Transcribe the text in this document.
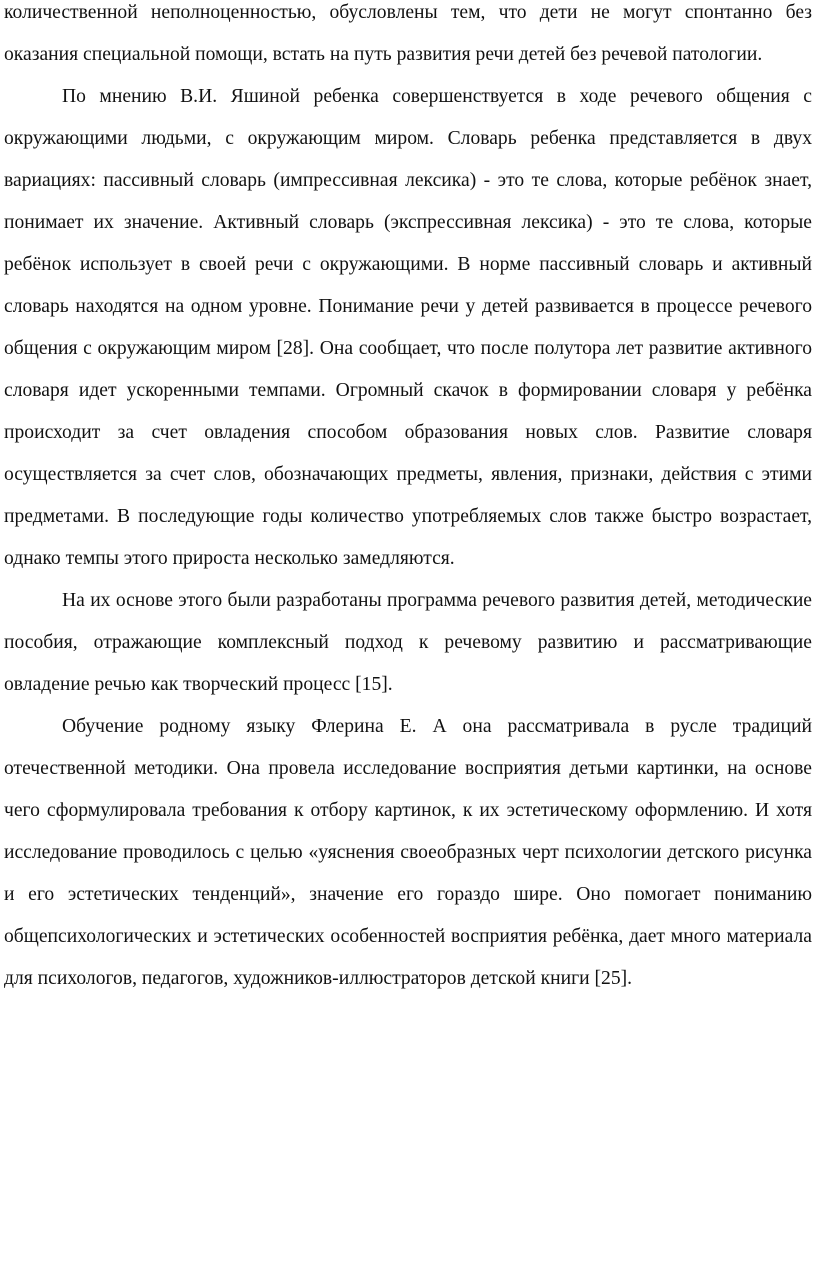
количественной неполноценностью, обусловлены тем, что дети не могут спонтанно без оказания специальной помощи, встать на путь развития речи детей без речевой патологии.

По мнению В.И. Яшиной ребенка совершенствуется в ходе речевого общения с окружающими людьми, с окружающим миром. Словарь ребенка представляется в двух вариациях: пассивный словарь (импрессивная лексика) - это те слова, которые ребёнок знает, понимает их значение. Активный словарь (экспрессивная лексика) - это те слова, которые ребёнок использует в своей речи с окружающими. В норме пассивный словарь и активный словарь находятся на одном уровне. Понимание речи у детей развивается в процессе речевого общения с окружающим миром [28]. Она сообщает, что после полутора лет развитие активного словаря идет ускоренными темпами. Огромный скачок в формировании словаря у ребёнка происходит за счет овладения способом образования новых слов. Развитие словаря осуществляется за счет слов, обозначающих предметы, явления, признаки, действия с этими предметами. В последующие годы количество употребляемых слов также быстро возрастает, однако темпы этого прироста несколько замедляются.

На их основе этого были разработаны программа речевого развития детей, методические пособия, отражающие комплексный подход к речевому развитию и рассматривающие овладение речью как творческий процесс [15].

Обучение родному языку Флерина Е. А она рассматривала в русле традиций отечественной методики. Она провела исследование восприятия детьми картинки, на основе чего сформулировала требования к отбору картинок, к их эстетическому оформлению. И хотя исследование проводилось с целью «уяснения своеобразных черт психологии детского рисунка и его эстетических тенденций», значение его гораздо шире. Оно помогает пониманию общепсихологических и эстетических особенностей восприятия ребёнка, дает много материала для психологов, педагогов, художников-иллюстраторов детской книги [25].
